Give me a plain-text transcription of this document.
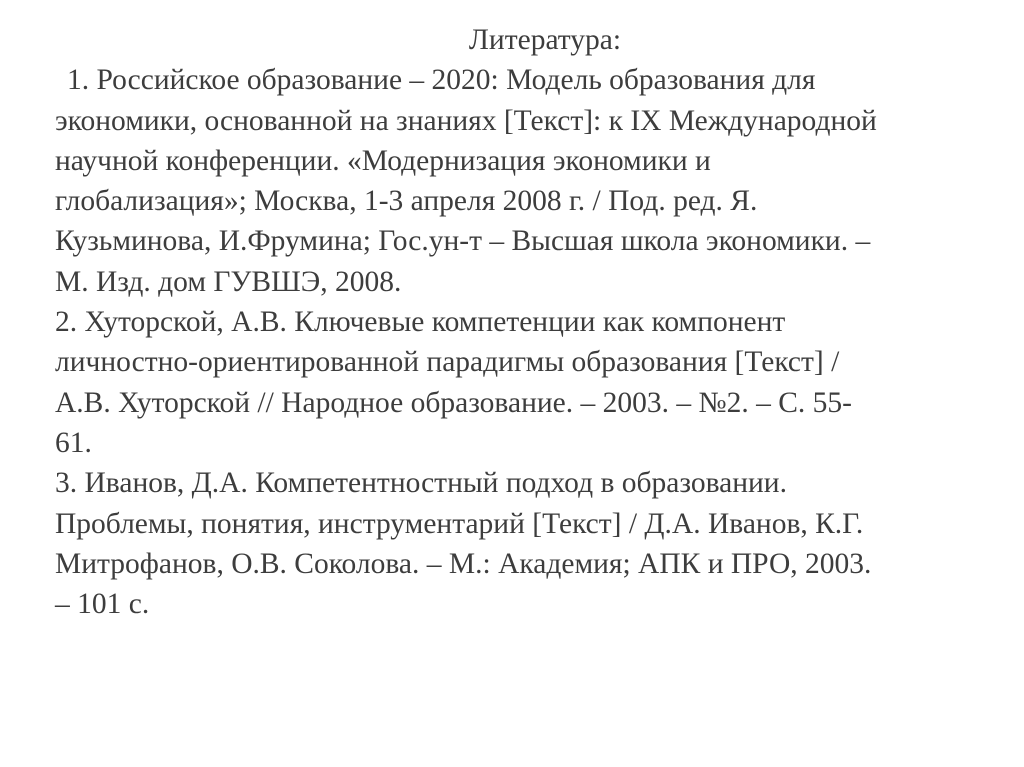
Литература:
1. Российское образование – 2020: Модель образования для
экономики, основанной на знаниях [Текст]: к IX Международной
научной конференции. «Модернизация экономики и
глобализация»; Москва, 1-3 апреля 2008 г. / Под. ред. Я.
Кузьминова, И.Фрумина; Гос.ун-т – Высшая школа экономики. –
М. Изд. дом ГУВШЭ, 2008.
2. Хуторской, А.В. Ключевые компетенции как компонент
личностно-ориентированной парадигмы образования [Текст] /
А.В. Хуторской // Народное образование. – 2003. – №2. – С. 55-
61.
3. Иванов, Д.А. Компетентностный подход в образовании.
Проблемы, понятия, инструментарий [Текст] / Д.А. Иванов, К.Г.
Митрофанов, О.В. Соколова. – М.: Академия; АПК и ПРО, 2003.
– 101 с.
